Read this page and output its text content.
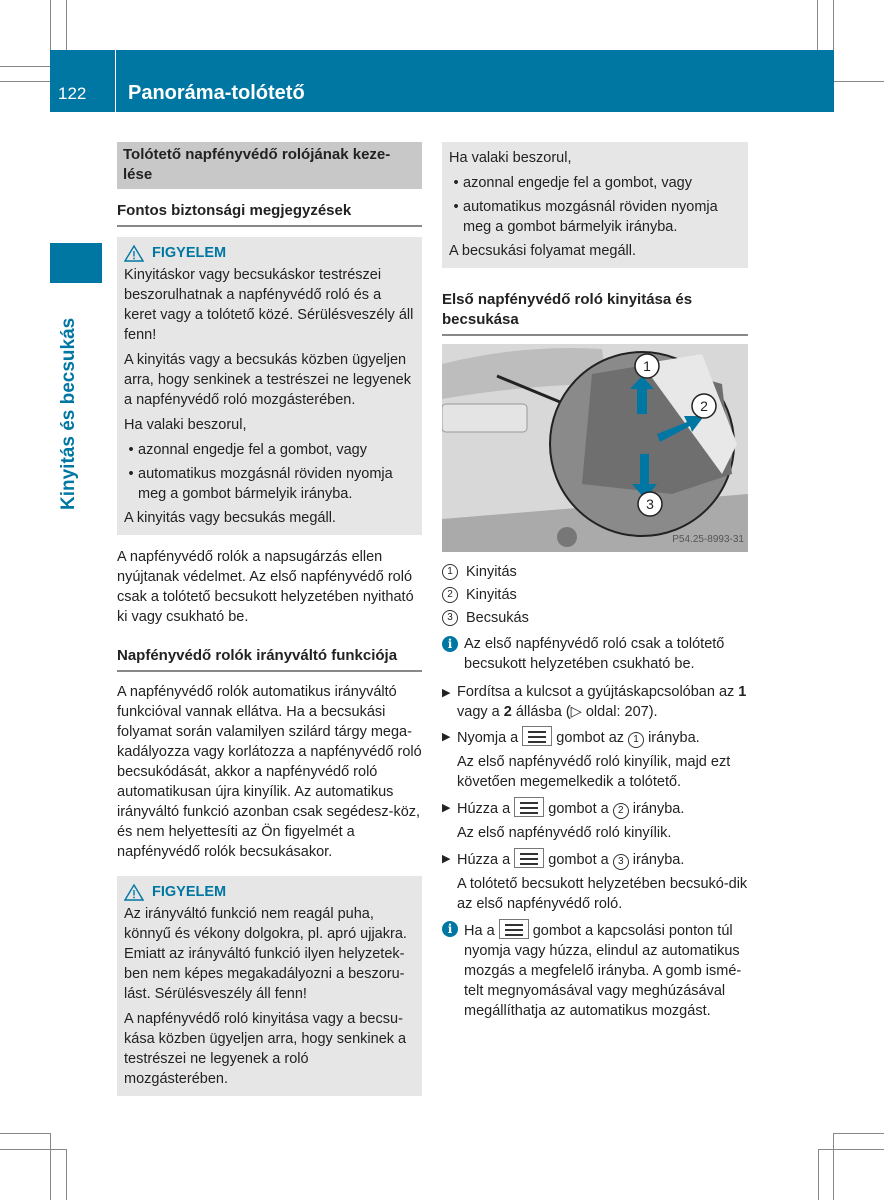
122 Panoráma-tolótető
Kinyitás és becsukás
Tolótető napfényvédő rolójának keze-lése
Fontos biztonsági megjegyzések
FIGYELEM

Kinyitáskor vagy becsukáskor testrészei beszorulhatnak a napfényvédő roló és a keret vagy a tolótető közé. Sérülésveszély áll fenn!

A kinyitás vagy a becsukás közben ügyeljen arra, hogy senkinek a testrészei ne legyenek a napfényvédő roló mozgásterében.

Ha valaki beszorul,

• azonnal engedje fel a gombot, vagy
• automatikus mozgásnál röviden nyomja meg a gombot bármelyik irányba.

A kinyitás vagy becsukás megáll.

A napfényvédő rolók a napsugárzás ellen nyújtanak védelmet. Az első napfényvédő roló csak a tolótető becsukott helyzetében nyitható ki vagy csukható be.

Napfényvédő rolók irányváltó funkciója

A napfényvédő rolók automatikus irányváltó funkcióval vannak ellátva. Ha a becsukási folyamat során valamilyen szilárd tárgy mega-kadályozza vagy korlátozza a napfényvédő roló becsukódását, akkor a napfényvédő roló automatikusan újra kinyílik. Az automatikus irányváltó funkció azonban csak segédesz-köz, és nem helyettesíti az Ön figyelmét a napfényvédő rolók becsukásakor.

FIGYELEM

Az irányváltó funkció nem reagál puha, könnyű és vékony dolgokra, pl. apró ujjakra. Emiatt az irányváltó funkció ilyen helyzetek-ben nem képes megakadályozni a beszoru-lást. Sérülésveszély áll fenn!

A napfényvédő roló kinyitása vagy a becsu-kása közben ügyeljen arra, hogy senkinek a testrészei ne legyenek a roló mozgásterében.

Ha valaki beszorul,

• azonnal engedje fel a gombot, vagy
• automatikus mozgásnál röviden nyomja meg a gombot bármelyik irányba.

A becsukási folyamat megáll.

Első napfényvédő roló kinyitása és becsukása
1
2
3
P54.25-8993-31
1 Kinyitás
2 Kinyitás
3 Becsukás
i Az első napfényvédő roló csak a tolótető becsukott helyzetében csukható be.
▶ Fordítsa a kulcsot a gyújtáskapcsolóban az 1 vagy a 2 állásba (▷ oldal: 207).
▶ Nyomja a  gombot az 1 irányba.
Az első napfényvédő roló kinyílik, majd ezt követően megemelkedik a tolótető.
▶ Húzza a  gombot a 2 irányba.
Az első napfényvédő roló kinyílik.
▶ Húzza a  gombot a 3 irányba.
A tolótető becsukott helyzetében becsukó-dik az első napfényvédő roló.
i Ha a  gombot a kapcsolási ponton túl nyomja vagy húzza, elindul az automatikus mozgás a megfelelő irányba. A gomb ismé-telt megnyomásával vagy meghúzásával megállíthatja az automatikus mozgást.
